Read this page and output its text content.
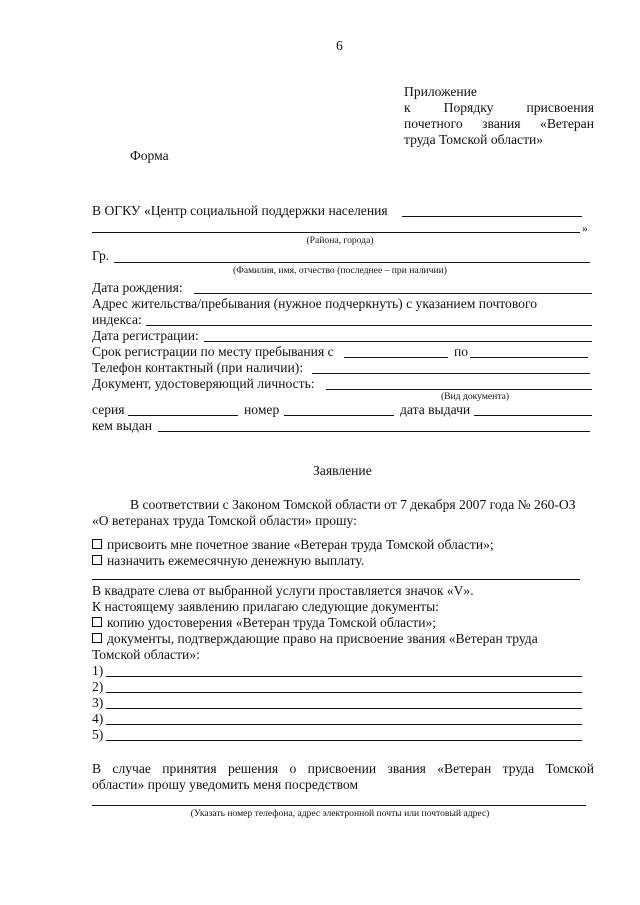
6
Приложение
к Порядку присвоения
почетного звания «Ветеран
труда Томской области»
Форма
В ОГКУ «Центр социальной поддержки населения
»
(Района, города)
Гр.
(Фамилия, имя, отчество (последнее – при наличии)
Дата рождения:
Адрес жительства/пребывания (нужное подчеркнуть) с указанием почтового
индекса:
Дата регистрации:
Срок регистрации по месту пребывания с	по
Телефон контактный (при наличии):
Документ, удостоверяющий личность:
(Вид документа)
серия	номер	дата выдачи
кем выдан
Заявление
В соответствии с Законом Томской области от 7 декабря 2007 года № 260-ОЗ
«О ветеранах труда Томской области» прошу:
присвоить мне почетное звание «Ветеран труда Томской области»;
назначить ежемесячную денежную выплату.
В квадрате слева от выбранной услуги проставляется значок «V».
К настоящему заявлению прилагаю следующие документы:
копию удостоверения «Ветеран труда Томской области»;
документы, подтверждающие право на присвоение звания «Ветеран труда
Томской области»:
1)
2)
3)
4)
5)
В случае принятия решения о присвоении звания «Ветеран труда Томской
области» прошу уведомить меня посредством
(Указать номер телефона, адрес электронной почты или почтовый адрес)
